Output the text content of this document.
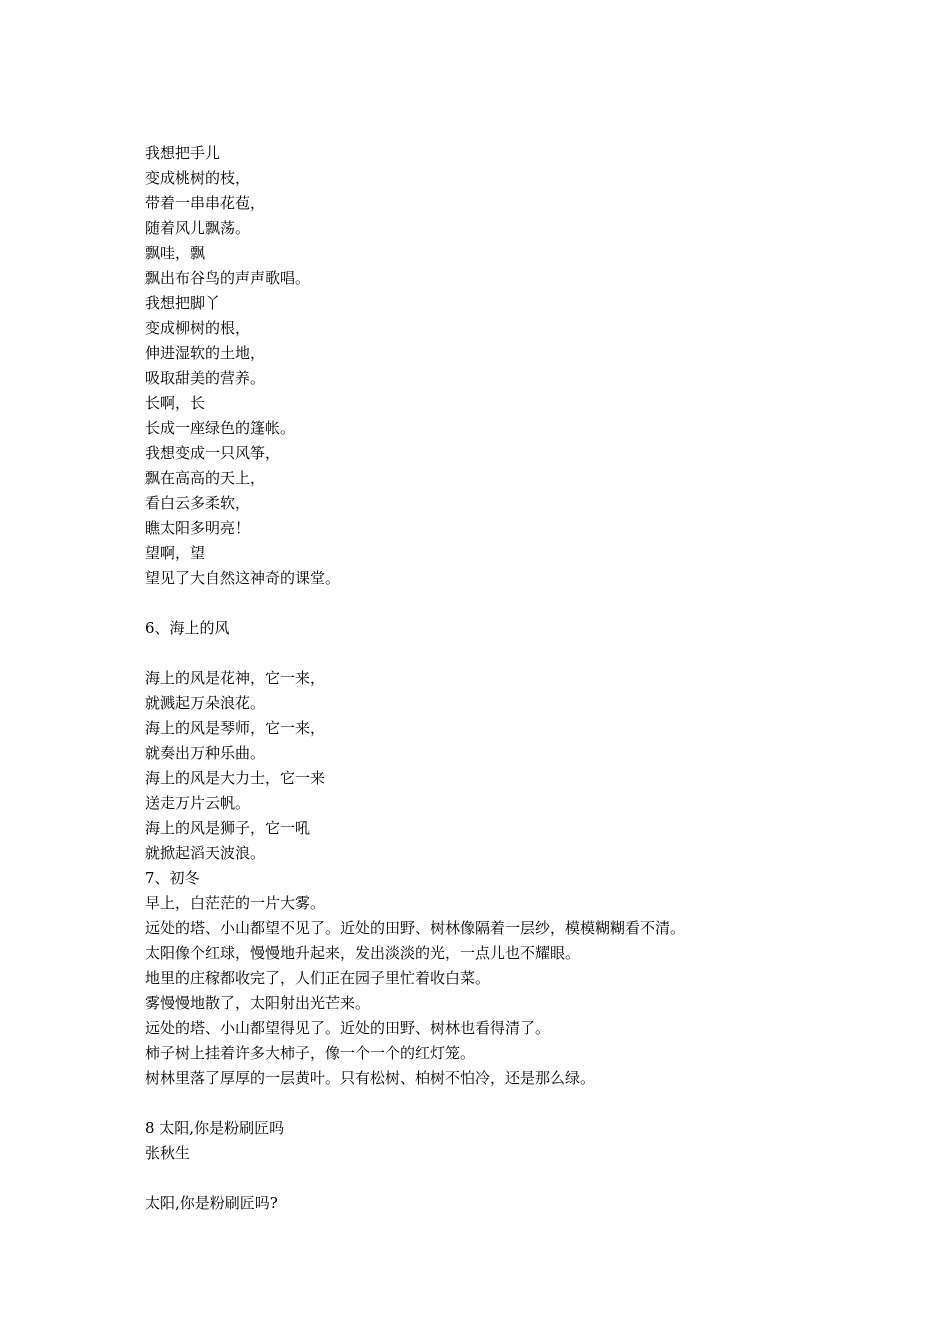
我想把手儿
变成桃树的枝，
带着一串串花苞，
随着风儿飘荡。
飘哇，飘
飘出布谷鸟的声声歌唱。
我想把脚丫
变成柳树的根，
伸进湿软的土地，
吸取甜美的营养。
长啊，长
长成一座绿色的篷帐。
我想变成一只风筝，
飘在高高的天上，
看白云多柔软，
瞧太阳多明亮！
望啊，望
望见了大自然这神奇的课堂。
6、海上的风
海上的风是花神，它一来，
就溅起万朵浪花。
海上的风是琴师，它一来，
就奏出万种乐曲。
海上的风是大力士，它一来
送走万片云帆。
海上的风是狮子，它一吼
就掀起滔天波浪。
7、初冬
早上，白茫茫的一片大雾。
远处的塔、小山都望不见了。近处的田野、树林像隔着一层纱，模模糊糊看不清。
太阳像个红球，慢慢地升起来，发出淡淡的光，一点儿也不耀眼。
地里的庄稼都收完了，人们正在园子里忙着收白菜。
雾慢慢地散了，太阳射出光芒来。
远处的塔、小山都望得见了。近处的田野、树林也看得清了。
柿子树上挂着许多大柿子，像一个一个的红灯笼。
树林里落了厚厚的一层黄叶。只有松树、柏树不怕冷，还是那么绿。
8 太阳,你是粉刷匠吗
张秋生
太阳,你是粉刷匠吗?
